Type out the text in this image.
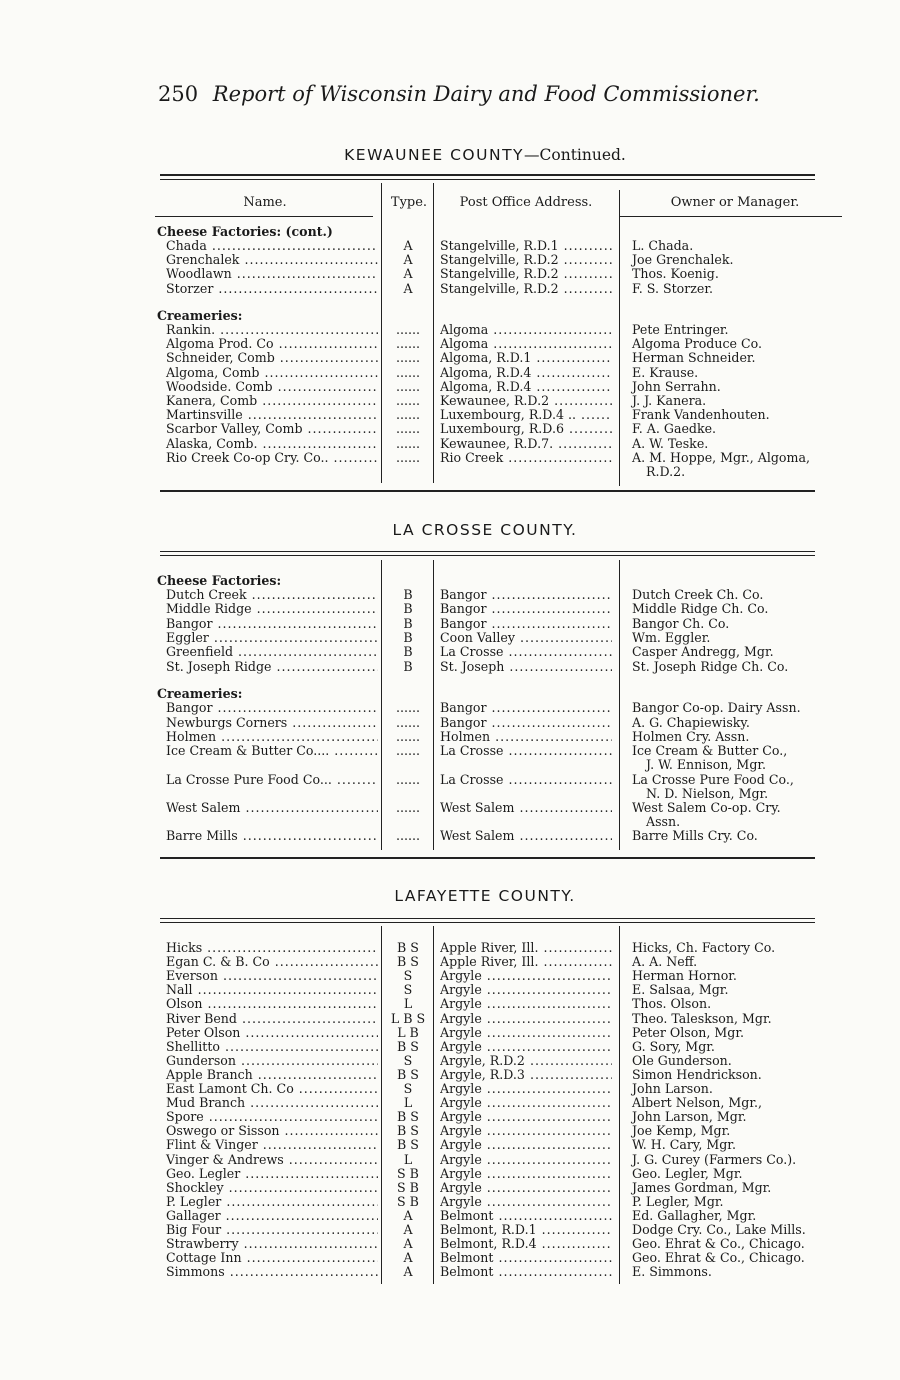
250 Report of Wisconsin Dairy and Food Commissioner.
KEWAUNEE COUNTY—Continued.
Name.	Type.	Post Office Address.	Owner or Manager.
Cheese Factories: (cont.)
Chada .....	A	Stangelville, R.D.1 .....	L. Chada.
Grenchalek .....	A	Stangelville, R.D.2 .....	Joe Grenchalek.
Woodlawn .....	A	Stangelville, R.D.2 .....	Thos. Koenig.
Storzer .....	A	Stangelville, R.D.2 .....	F. S. Storzer.
Creameries:
Rankin. .....	......	Algoma .....	Pete Entringer.
Algoma Prod. Co .....	......	Algoma .....	Algoma Produce Co.
Schneider, Comb .....	......	Algoma, R.D.1 .....	Herman Schneider.
Algoma, Comb .....	......	Algoma, R.D.4 .....	E. Krause.
Woodside. Comb .....	......	Algoma, R.D.4 .....	John Serrahn.
Kanera, Comb .....	......	Kewaunee, R.D.2 .....	J. J. Kanera.
Martinsville .....	......	Luxembourg, R.D.4 .. .....	Frank Vandenhouten.
Scarbor Valley, Comb .....	......	Luxembourg, R.D.6 .....	F. A. Gaedke.
Alaska, Comb. .....	......	Kewaunee, R.D.7. .....	A. W. Teske.
Rio Creek Co-op Cry. Co.. .....	......	Rio Creek .....	A. M. Hoppe, Mgr., Algoma,
R.D.2.
LA CROSSE COUNTY.
Cheese Factories:
Dutch Creek .....	B	Bangor .....	Dutch Creek Ch. Co.
Middle Ridge .....	B	Bangor .....	Middle Ridge Ch. Co.
Bangor .....	B	Bangor .....	Bangor Ch. Co.
Eggler .....	B	Coon Valley .....	Wm. Eggler.
Greenfield .....	B	La Crosse .....	Casper Andregg, Mgr.
St. Joseph Ridge .....	B	St. Joseph .....	St. Joseph Ridge Ch. Co.
Creameries:
Bangor .....	......	Bangor .....	Bangor Co-op. Dairy Assn.
Newburgs Corners .....	......	Bangor .....	A. G. Chapiewisky.
Holmen .....	......	Holmen .....	Holmen Cry. Assn.
Ice Cream & Butter Co.... .....	......	La Crosse .....	Ice Cream & Butter Co.,
J. W. Ennison, Mgr.
La Crosse Pure Food Co... .....	......	La Crosse .....	La Crosse Pure Food Co.,
N. D. Nielson, Mgr.
West Salem .....	......	West Salem .....	West Salem Co-op. Cry.
Assn.
Barre Mills .....	......	West Salem .....	Barre Mills Cry. Co.
LAFAYETTE COUNTY.
Hicks .....	B S	Apple River, Ill. .....	Hicks, Ch. Factory Co.
Egan C. & B. Co .....	B S	Apple River, Ill. .....	A. A. Neff.
Everson .....	S	Argyle .....	Herman Hornor.
Nall .....	S	Argyle .....	E. Salsaa, Mgr.
Olson .....	L	Argyle .....	Thos. Olson.
River Bend .....	L B S	Argyle .....	Theo. Taleskson, Mgr.
Peter Olson .....	L B	Argyle .....	Peter Olson, Mgr.
Shellitto .....	B S	Argyle .....	G. Sory, Mgr.
Gunderson .....	S	Argyle, R.D.2 .....	Ole Gunderson.
Apple Branch .....	B S	Argyle, R.D.3 .....	Simon Hendrickson.
East Lamont Ch. Co .....	S	Argyle .....	John Larson.
Mud Branch .....	L	Argyle .....	Albert Nelson, Mgr.,
Spore .....	B S	Argyle .....	John Larson, Mgr.
Oswego or Sisson .....	B S	Argyle .....	Joe Kemp, Mgr.
Flint & Vinger .....	B S	Argyle .....	W. H. Cary, Mgr.
Vinger & Andrews .....	L	Argyle .....	J. G. Curey (Farmers Co.).
Geo. Legler .....	S B	Argyle .....	Geo. Legler, Mgr.
Shockley .....	S B	Argyle .....	James Gordman, Mgr.
P. Legler .....	S B	Argyle .....	P. Legler, Mgr.
Gallager .....	A	Belmont .....	Ed. Gallagher, Mgr.
Big Four .....	A	Belmont, R.D.1 .....	Dodge Cry. Co., Lake Mills.
Strawberry .....	A	Belmont, R.D.4 .....	Geo. Ehrat & Co., Chicago.
Cottage Inn .....	A	Belmont .....	Geo. Ehrat & Co., Chicago.
Simmons .....	A	Belmont .....	E. Simmons.
